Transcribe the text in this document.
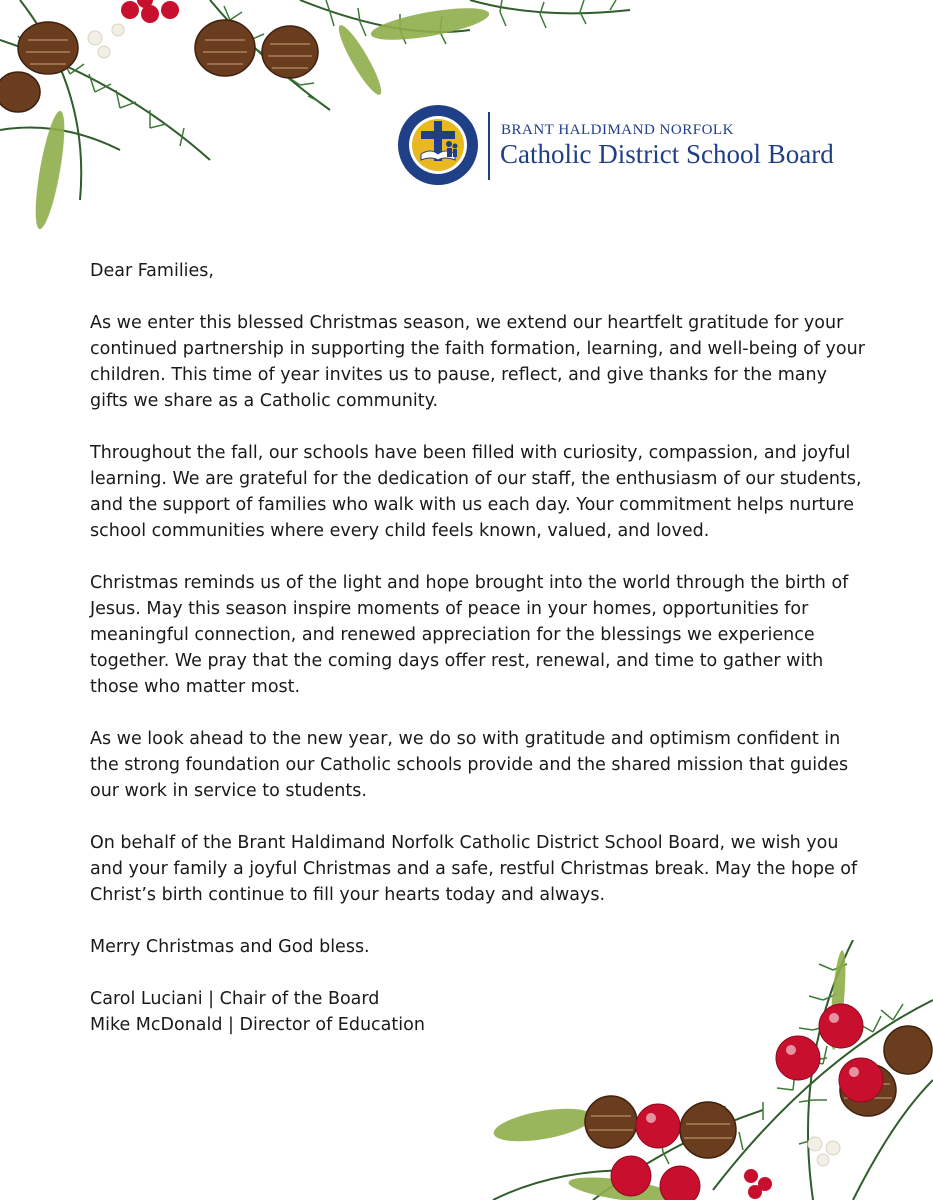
BRANT HALDIMAND NORFOLK
Catholic District School Board

Dear Families,

As we enter this blessed Christmas season, we extend our heartfelt gratitude for your continued partnership in supporting the faith formation, learning, and well-being of your children. This time of year invites us to pause, reflect, and give thanks for the many gifts we share as a Catholic community.

Throughout the fall, our schools have been filled with curiosity, compassion, and joyful learning. We are grateful for the dedication of our staff, the enthusiasm of our students, and the support of families who walk with us each day. Your commitment helps nurture school communities where every child feels known, valued, and loved.

Christmas reminds us of the light and hope brought into the world through the birth of Jesus. May this season inspire moments of peace in your homes, opportunities for meaningful connection, and renewed appreciation for the blessings we experience together. We pray that the coming days offer rest, renewal, and time to gather with those who matter most.

As we look ahead to the new year, we do so with gratitude and optimism confident in the strong foundation our Catholic schools provide and the shared mission that guides our work in service to students.

On behalf of the Brant Haldimand Norfolk Catholic District School Board, we wish you and your family a joyful Christmas and a safe, restful Christmas break. May the hope of Christ’s birth continue to fill your hearts today and always.

Merry Christmas and God bless.

Carol Luciani | Chair of the Board

Mike McDonald | Director of Education
